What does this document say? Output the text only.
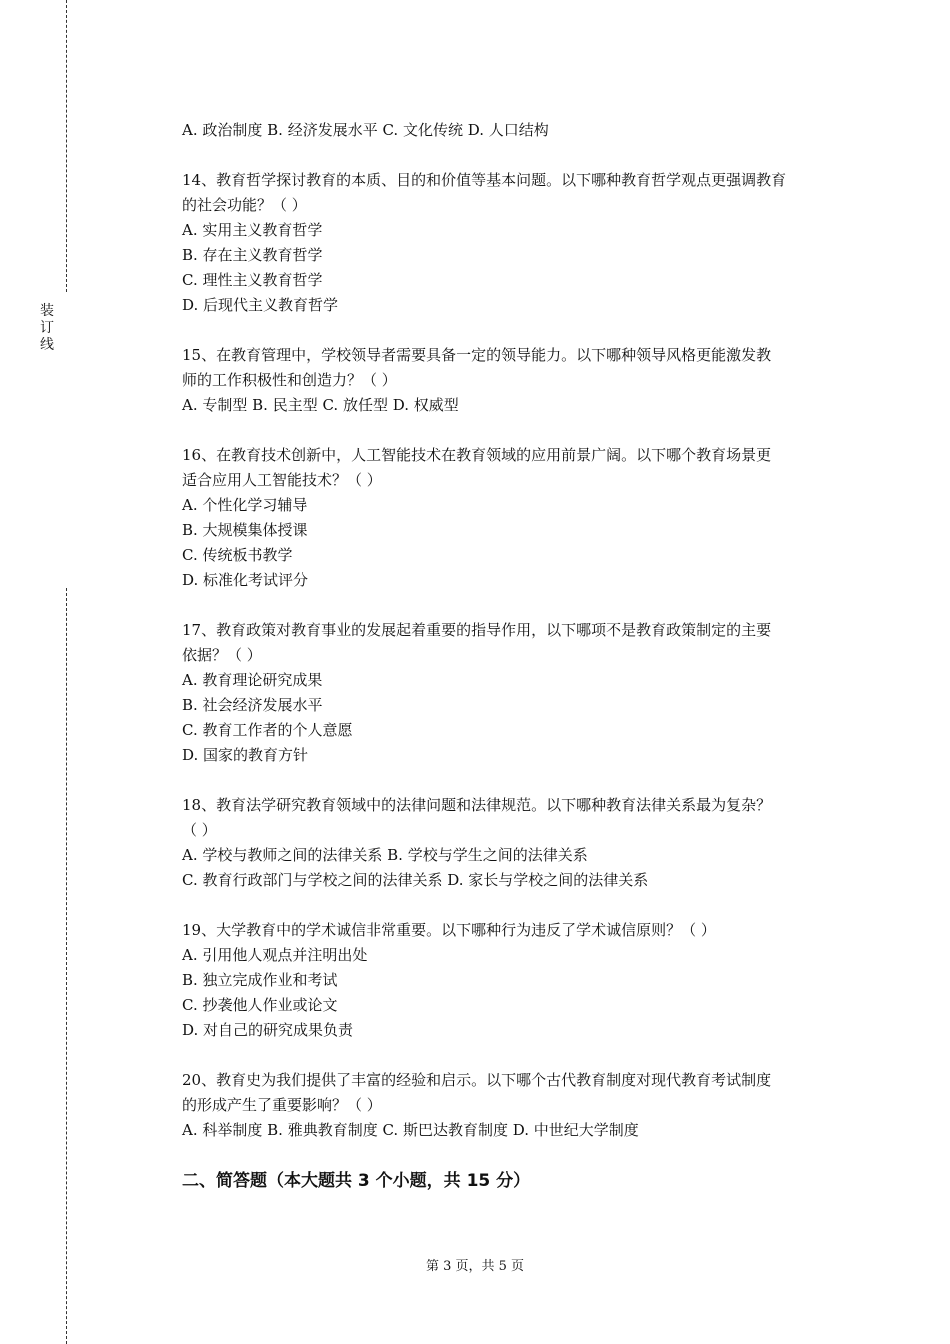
装
订
线

A. 政治制度 B. 经济发展水平 C. 文化传统 D. 人口结构

14、教育哲学探讨教育的本质、目的和价值等基本问题。以下哪种教育哲学观点更强调教育

的社会功能？（ ）

A. 实用主义教育哲学

B. 存在主义教育哲学

C. 理性主义教育哲学

D. 后现代主义教育哲学

15、在教育管理中，学校领导者需要具备一定的领导能力。以下哪种领导风格更能激发教

师的工作积极性和创造力？（ ）

A. 专制型 B. 民主型 C. 放任型 D. 权威型

16、在教育技术创新中，人工智能技术在教育领域的应用前景广阔。以下哪个教育场景更

适合应用人工智能技术？（ ）

A. 个性化学习辅导

B. 大规模集体授课

C. 传统板书教学

D. 标准化考试评分

17、教育政策对教育事业的发展起着重要的指导作用，以下哪项不是教育政策制定的主要

依据？（ ）

A. 教育理论研究成果

B. 社会经济发展水平

C. 教育工作者的个人意愿

D. 国家的教育方针

18、教育法学研究教育领域中的法律问题和法律规范。以下哪种教育法律关系最为复杂？

（ ）

A. 学校与教师之间的法律关系 B. 学校与学生之间的法律关系

C. 教育行政部门与学校之间的法律关系 D. 家长与学校之间的法律关系

19、大学教育中的学术诚信非常重要。以下哪种行为违反了学术诚信原则？（ ）

A. 引用他人观点并注明出处

B. 独立完成作业和考试

C. 抄袭他人作业或论文

D. 对自己的研究成果负责

20、教育史为我们提供了丰富的经验和启示。以下哪个古代教育制度对现代教育考试制度

的形成产生了重要影响？（ ）

A. 科举制度 B. 雅典教育制度 C. 斯巴达教育制度 D. 中世纪大学制度

二、简答题（本大题共 3 个小题，共 15 分）

第 3 页，共 5 页
